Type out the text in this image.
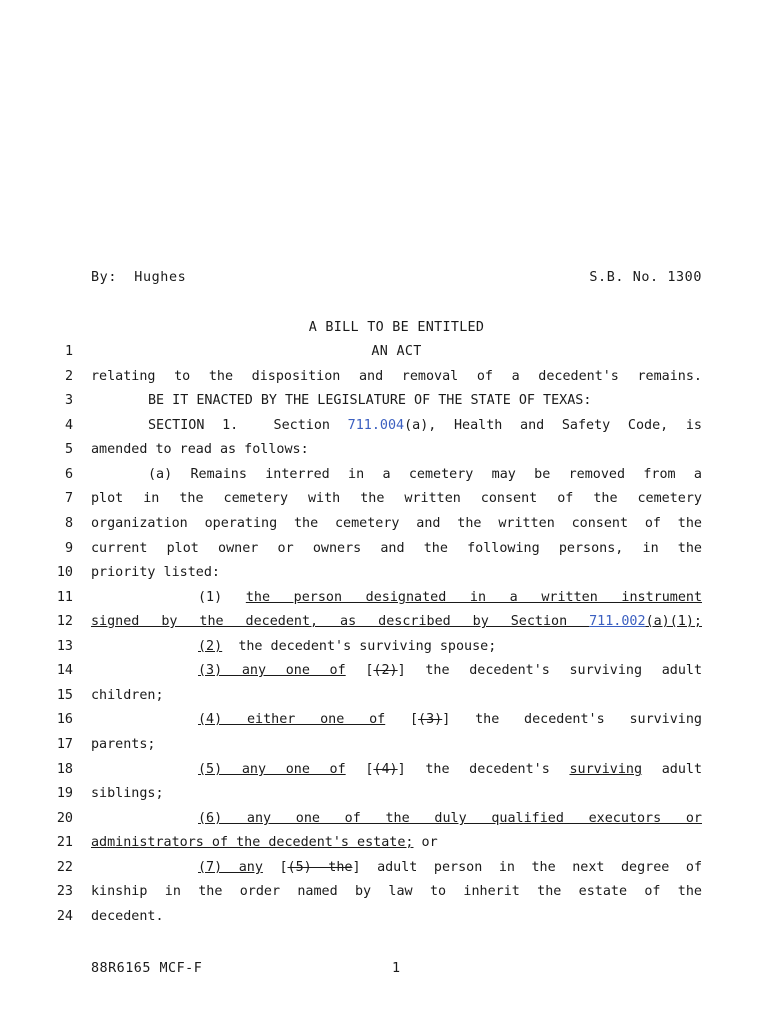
By:  Hughes	S.B. No. 1300
A BILL TO BE ENTITLED
1
2
3
4
5
6
7
8
9
10
11
12
13
14
15
16
17
18
19
20
21
22
23
24
AN ACT
relating to the disposition and removal of a decedent's remains.
BE IT ENACTED BY THE LEGISLATURE OF THE STATE OF TEXAS:
SECTION 1.  Section 711.004(a), Health and Safety Code, is
amended to read as follows:
(a) Remains interred in a cemetery may be removed from a
plot in the cemetery with the written consent of the cemetery
organization operating the cemetery and the written consent of the
current plot owner or owners and the following persons, in the
priority listed:
(1) the person designated in a written instrument
signed by the decedent, as described by Section 711.002(a)(1);
(2) the decedent's surviving spouse;
(3) any one of [(2)] the decedent's surviving adult
children;
(4) either one of [(3)] the decedent's surviving
parents;
(5) any one of [(4)] the decedent's surviving adult
siblings;
(6) any one of the duly qualified executors or
administrators of the decedent's estate; or
(7) any [(5) the] adult person in the next degree of
kinship in the order named by law to inherit the estate of the
decedent.
88R6165 MCF-F	1
